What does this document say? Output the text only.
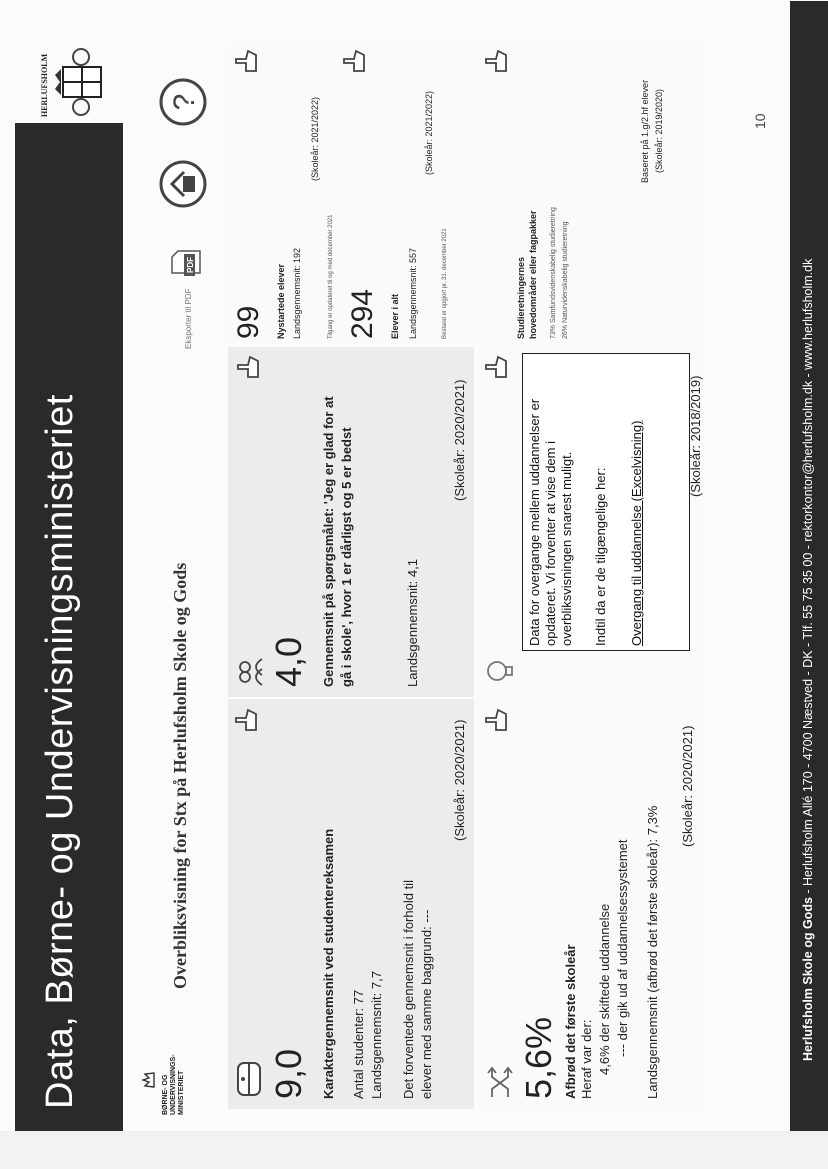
Data, Børne- og Undervisningsministeriet
HERLUFSHOLM
BØRNE- OG UNDERVISNINGS- MINISTERIET
Overbliksvisning for Stx på Herlufsholm Skole og Gods
Eksporter til PDF
PDF
?
9,0 Karaktergennemsnit ved studentereksamen Antal studenter: 77 Landsgennemsnit: 7,7 Det forventede gennemsnit i forhold til elever med samme baggrund: ---
(Skoleår: 2020/2021)
4,0 Gennemsnit på spørgsmålet: 'Jeg er glad for at gå i skole', hvor 1 er dårligst og 5 er bedst	Landsgennemsnit: 4,1
(Skoleår: 2020/2021)
99 Nystartede elever Landsgennemsnit: 192
(Skoleår: 2021/2022)
Tilgang er opdateret til og med december 2021 294 Elever i alt Landsgennemsnit: 557
(Skoleår: 2021/2022)
Bestand er opgjort pr. 31. december 2021
5,6% Afbrød det første skoleår Heraf var der: 4,6% der skiftede uddannelse --- der gik ud af uddannelsessystemet Landsgennemsnit (afbrød det første skoleår): 7,3%
(Skoleår: 2020/2021)
Data for overgange mellem uddannelser er opdateret. Vi forventer at vise dem i overbliksvisningen snarest muligt. Indtil da er de tilgængelige her: Overgang til uddannelse (Excelvisning)	(Skoleår: 2018/2019)
Studieretningernes hovedområder eller fagpakker 73% Samfundsvidenskabelig studieretning 26% Naturvidenskabelig studieretning
Baseret på 1.g/2.hf elever (Skoleår: 2019/2020)	10
Herlufsholm Skole og Gods - Herlufsholm Allé 170 - 4700 Næstved - DK - Tlf. 55 75 35 00 - rektorkontor@herlufsholm.dk - www.herlufsholm.dk
